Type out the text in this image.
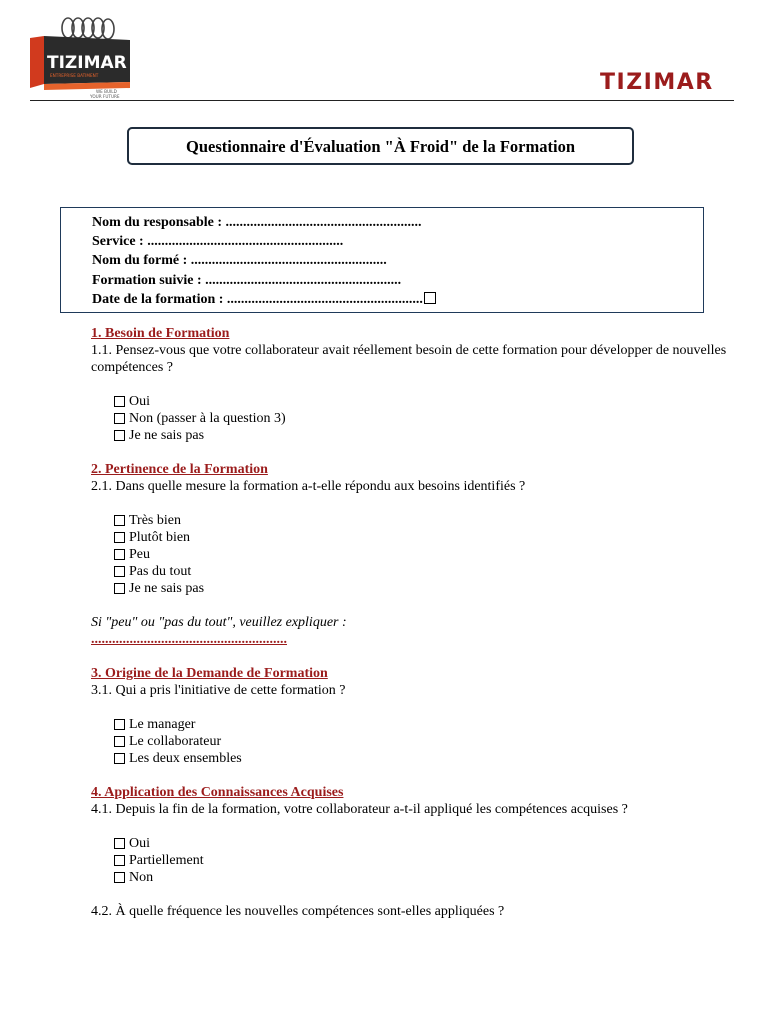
TIZIMAR
ENTREPRISE BATIMENT
WE BUILD
YOUR FUTURE
TIZIMAR
Questionnaire d'Évaluation "À Froid" de la Formation
Nom du responsable : ........................................................
Service : ........................................................
Nom du formé : ........................................................
Formation suivie : ........................................................
Date de la formation : ........................................................
1. Besoin de Formation
1.1. Pensez-vous que votre collaborateur avait réellement besoin de cette formation pour développer de nouvelles compétences ?
Oui
Non (passer à la question 3)
Je ne sais pas
2. Pertinence de la Formation
2.1. Dans quelle mesure la formation a-t-elle répondu aux besoins identifiés ?
Très bien
Plutôt bien
Peu
Pas du tout
Je ne sais pas
Si "peu" ou "pas du tout", veuillez expliquer :
........................................................
3. Origine de la Demande de Formation
3.1. Qui a pris l'initiative de cette formation ?
Le manager
Le collaborateur
Les deux ensembles
4. Application des Connaissances Acquises
4.1. Depuis la fin de la formation, votre collaborateur a-t-il appliqué les compétences acquises ?
Oui
Partiellement
Non
4.2. À quelle fréquence les nouvelles compétences sont-elles appliquées ?
